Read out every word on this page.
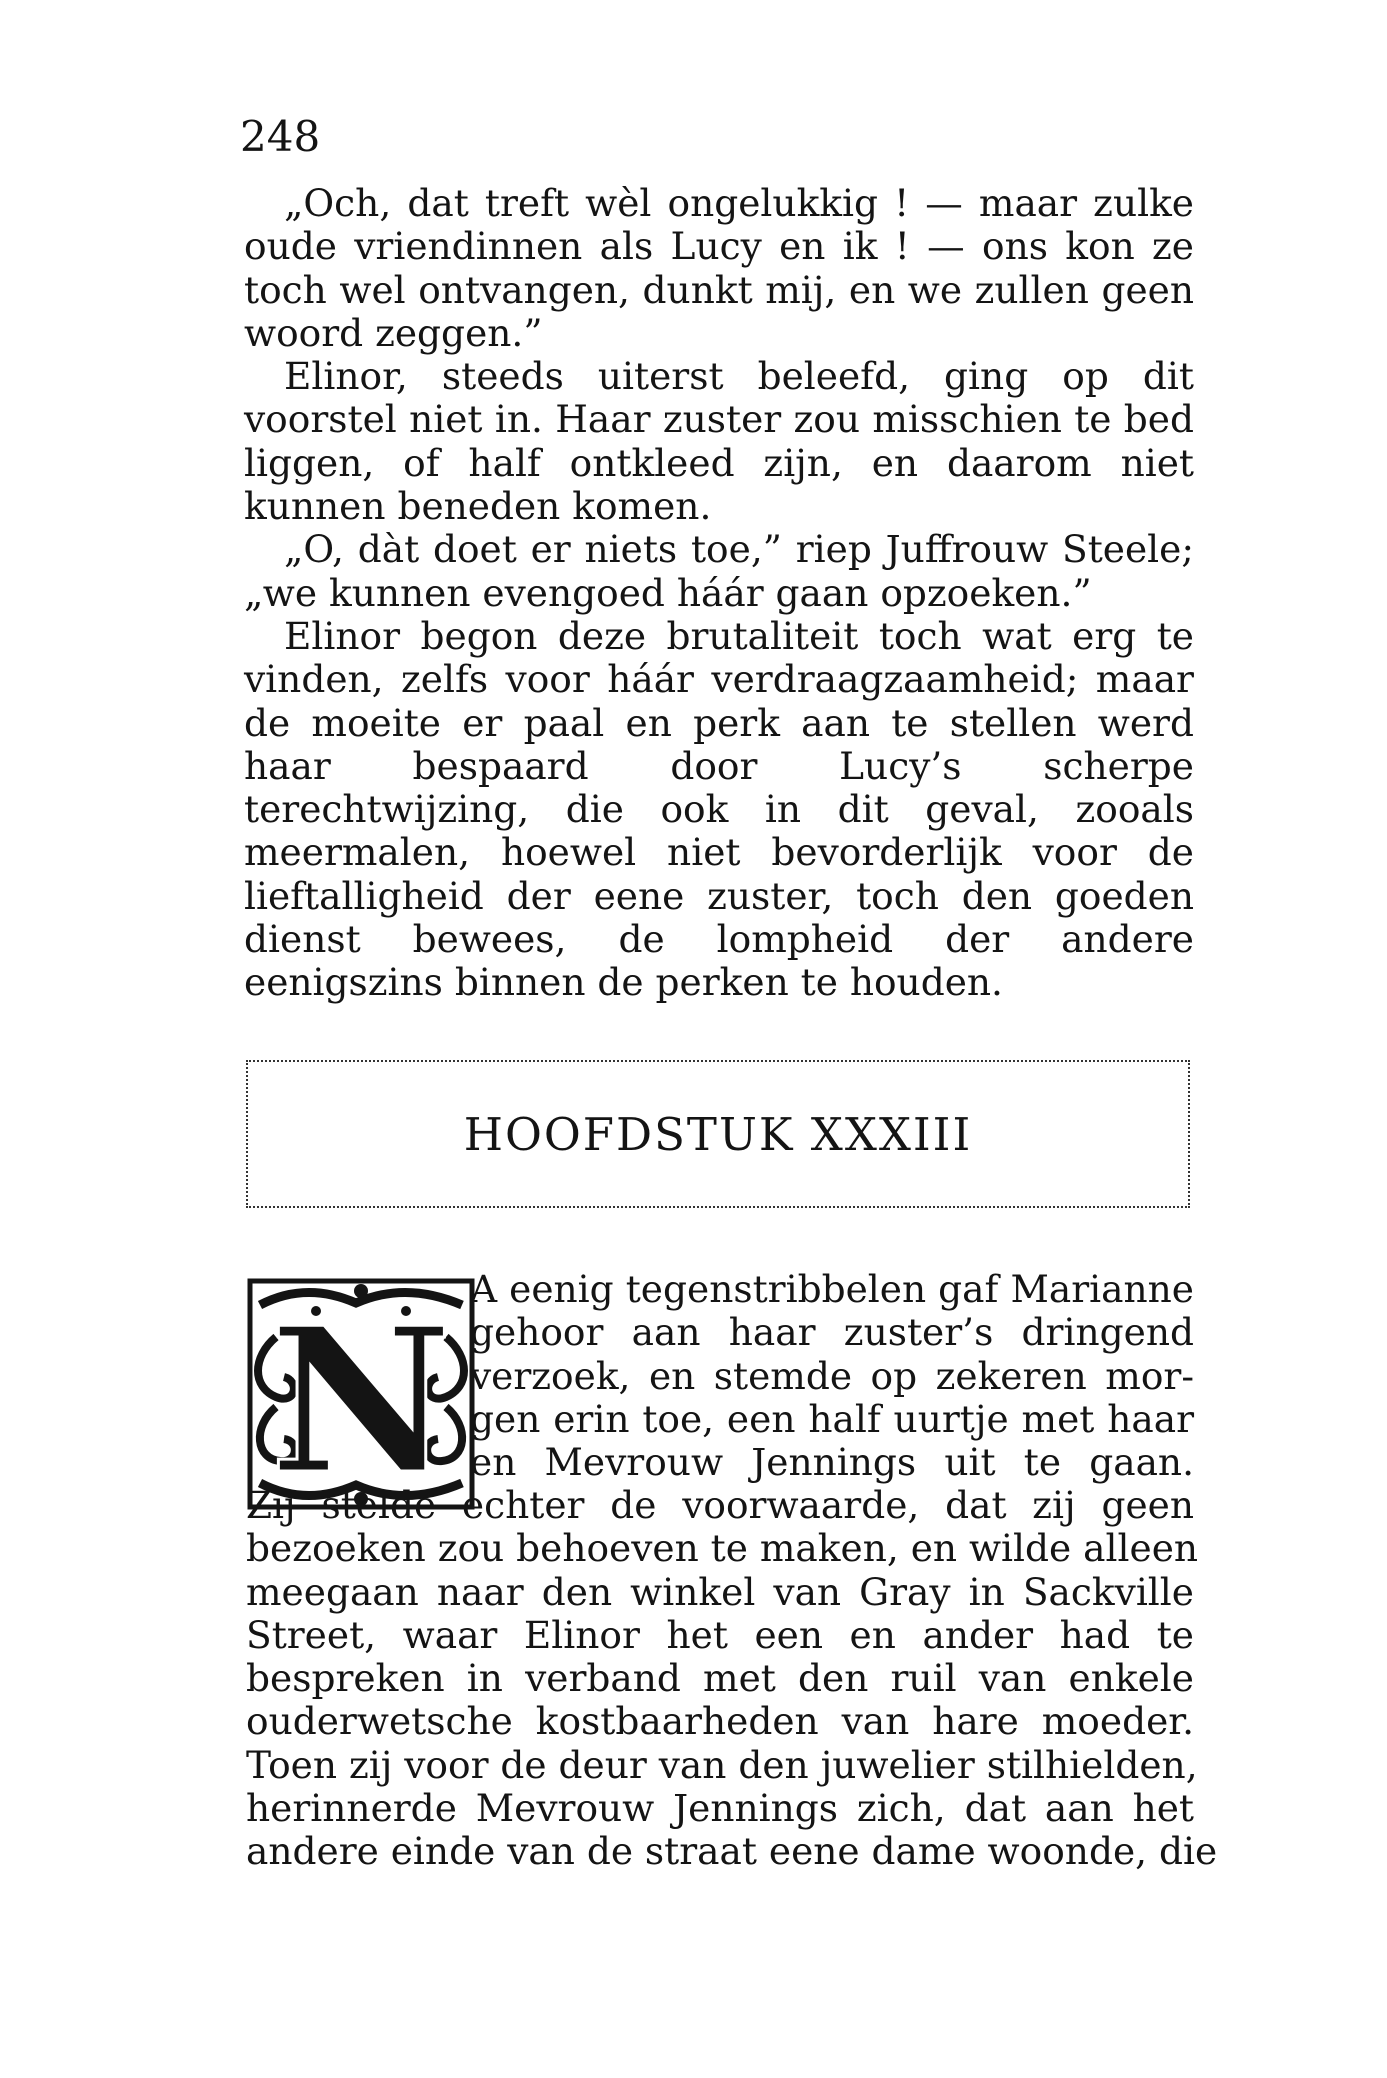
248

„Och, dat treft wèl ongelukkig ! — maar zulke oude vriendinnen als Lucy en ik ! — ons kon ze toch wel ontvangen, dunkt mij, en we zullen geen woord zeggen.”

Elinor, steeds uiterst beleefd, ging op dit voorstel niet in. Haar zuster zou misschien te bed liggen, of half ontkleed zijn, en daarom niet kunnen beneden komen.

„O, dàt doet er niets toe,” riep Juffrouw Steele; „we kunnen evengoed háár gaan opzoeken.”

Elinor begon deze brutaliteit toch wat erg te vinden, zelfs voor háár verdraagzaamheid; maar de moeite er paal en perk aan te stellen werd haar bespaard door Lucy’s scherpe terechtwijzing, die ook in dit geval, zooals meermalen, hoewel niet bevorderlijk voor de lieftalligheid der eene zuster, toch den goeden dienst bewees, de lompheid der andere eenigszins binnen de perken te houden.

HOOFDSTUK XXXIII
N A eenig tegenstribbelen gaf Marianne
gehoor aan haar zuster’s dringend
verzoek, en stemde op zekeren mor-
gen erin toe, een half uurtje met haar
en Mevrouw Jennings uit te gaan.
Zij stelde echter de voorwaarde, dat zij geen
bezoeken zou behoeven te maken, en wilde alleen
meegaan naar den winkel van Gray in Sackville
Street, waar Elinor het een en ander had te
bespreken in verband met den ruil van enkele
ouderwetsche kostbaarheden van hare moeder.
Toen zij voor de deur van den juwelier stilhielden,
herinnerde Mevrouw Jennings zich, dat aan het
andere einde van de straat eene dame woonde, die
